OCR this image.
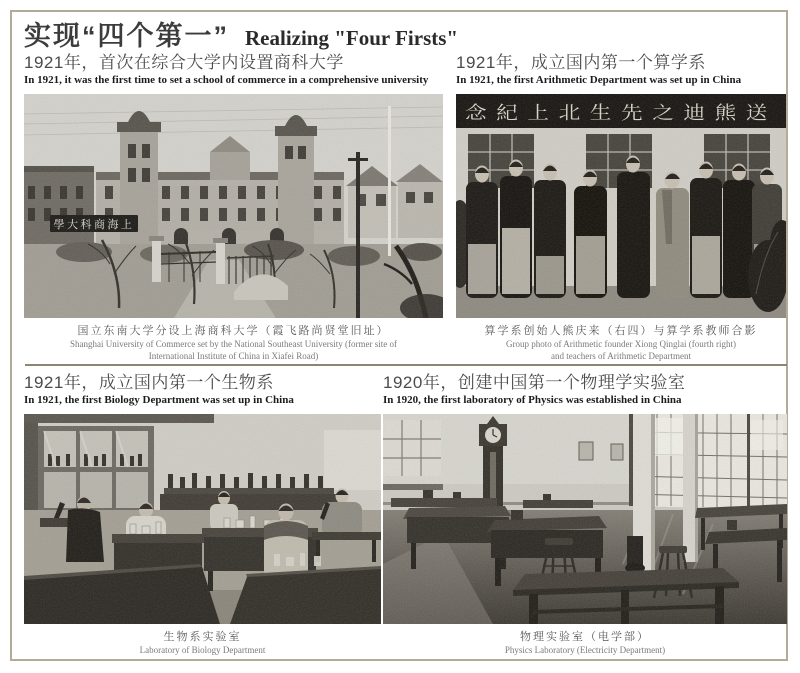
实现“四个第一” Realizing "Four Firsts"
1921年，首次在综合大学内设置商科大学
In 1921, it was the first time to set a school of commerce in a comprehensive university
學大科商海上
国立东南大学分设上海商科大学（霞飞路尚贤堂旧址）
Shanghai University of Commerce set by the National Southeast University (former site of
International Institute of China in Xiafei Road)
1921年，成立国内第一个算学系
In 1921, the first Arithmetic Department was set up in China
念紀上北生先之迪熊送
算学系创始人熊庆来（右四）与算学系教师合影
Group photo of Arithmetic founder Xiong Qinglai (fourth right)
and teachers of Arithmetic Department
1921年，成立国内第一个生物系
In 1921, the first Biology Department was set up in China
生物系实验室
Laboratory of Biology Department
1920年，创建中国第一个物理学实验室
In 1920, the first laboratory of Physics was established in China
物理实验室（电学部）
Physics Laboratory (Electricity Department)
